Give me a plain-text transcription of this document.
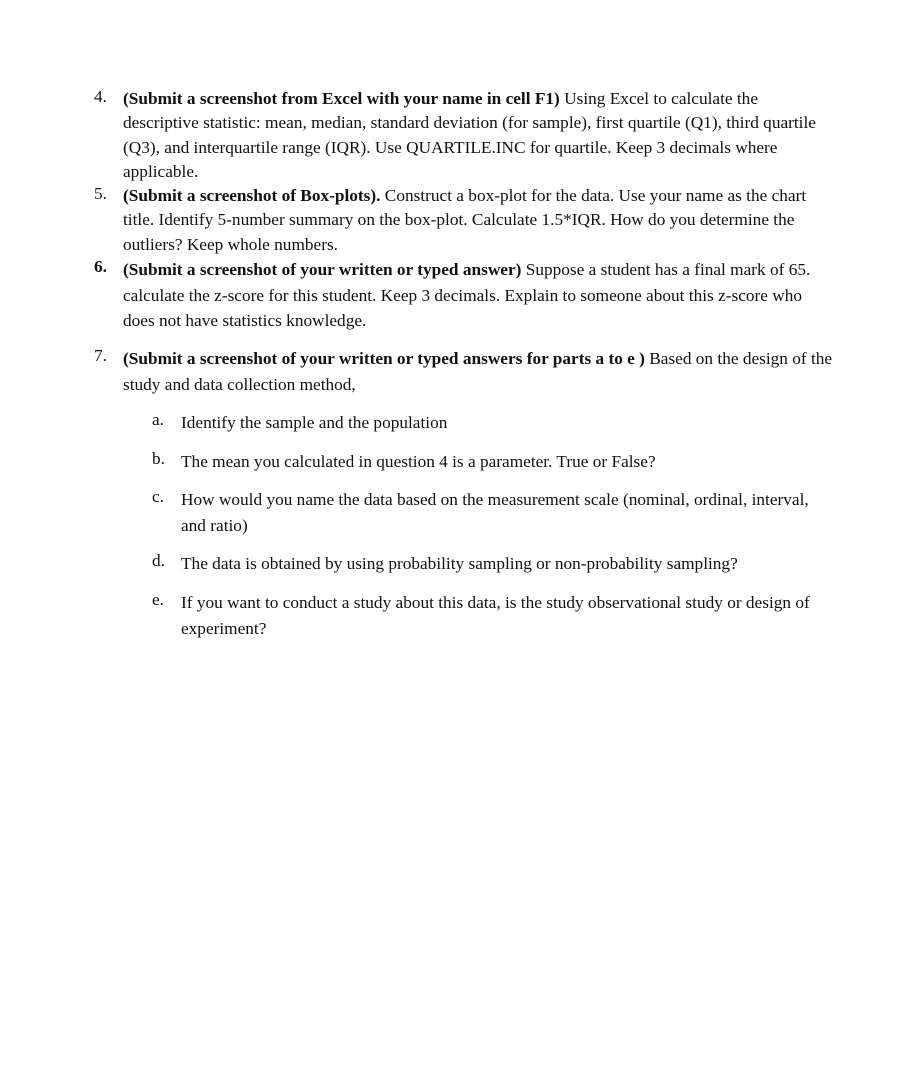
4. (Submit a screenshot from Excel with your name in cell F1) Using Excel to calculate the descriptive statistic: mean, median, standard deviation (for sample), first quartile (Q1), third quartile (Q3), and interquartile range (IQR). Use QUARTILE.INC for quartile. Keep 3 decimals where applicable.

5. (Submit a screenshot of Box-plots). Construct a box-plot for the data. Use your name as the chart title. Identify 5-number summary on the box-plot. Calculate 1.5*IQR. How do you determine the outliers? Keep whole numbers.

6. (Submit a screenshot of your written or typed answer) Suppose a student has a final mark of 65. calculate the z-score for this student. Keep 3 decimals. Explain to someone about this z-score who does not have statistics knowledge.

7. (Submit a screenshot of your written or typed answers for parts a to e ) Based on the design of the study and data collection method,

a. Identify the sample and the population
b. The mean you calculated in question 4 is a parameter. True or False?
c. How would you name the data based on the measurement scale (nominal, ordinal, interval, and ratio)
d. The data is obtained by using probability sampling or non-probability sampling?
e. If you want to conduct a study about this data, is the study observational study or design of experiment?
